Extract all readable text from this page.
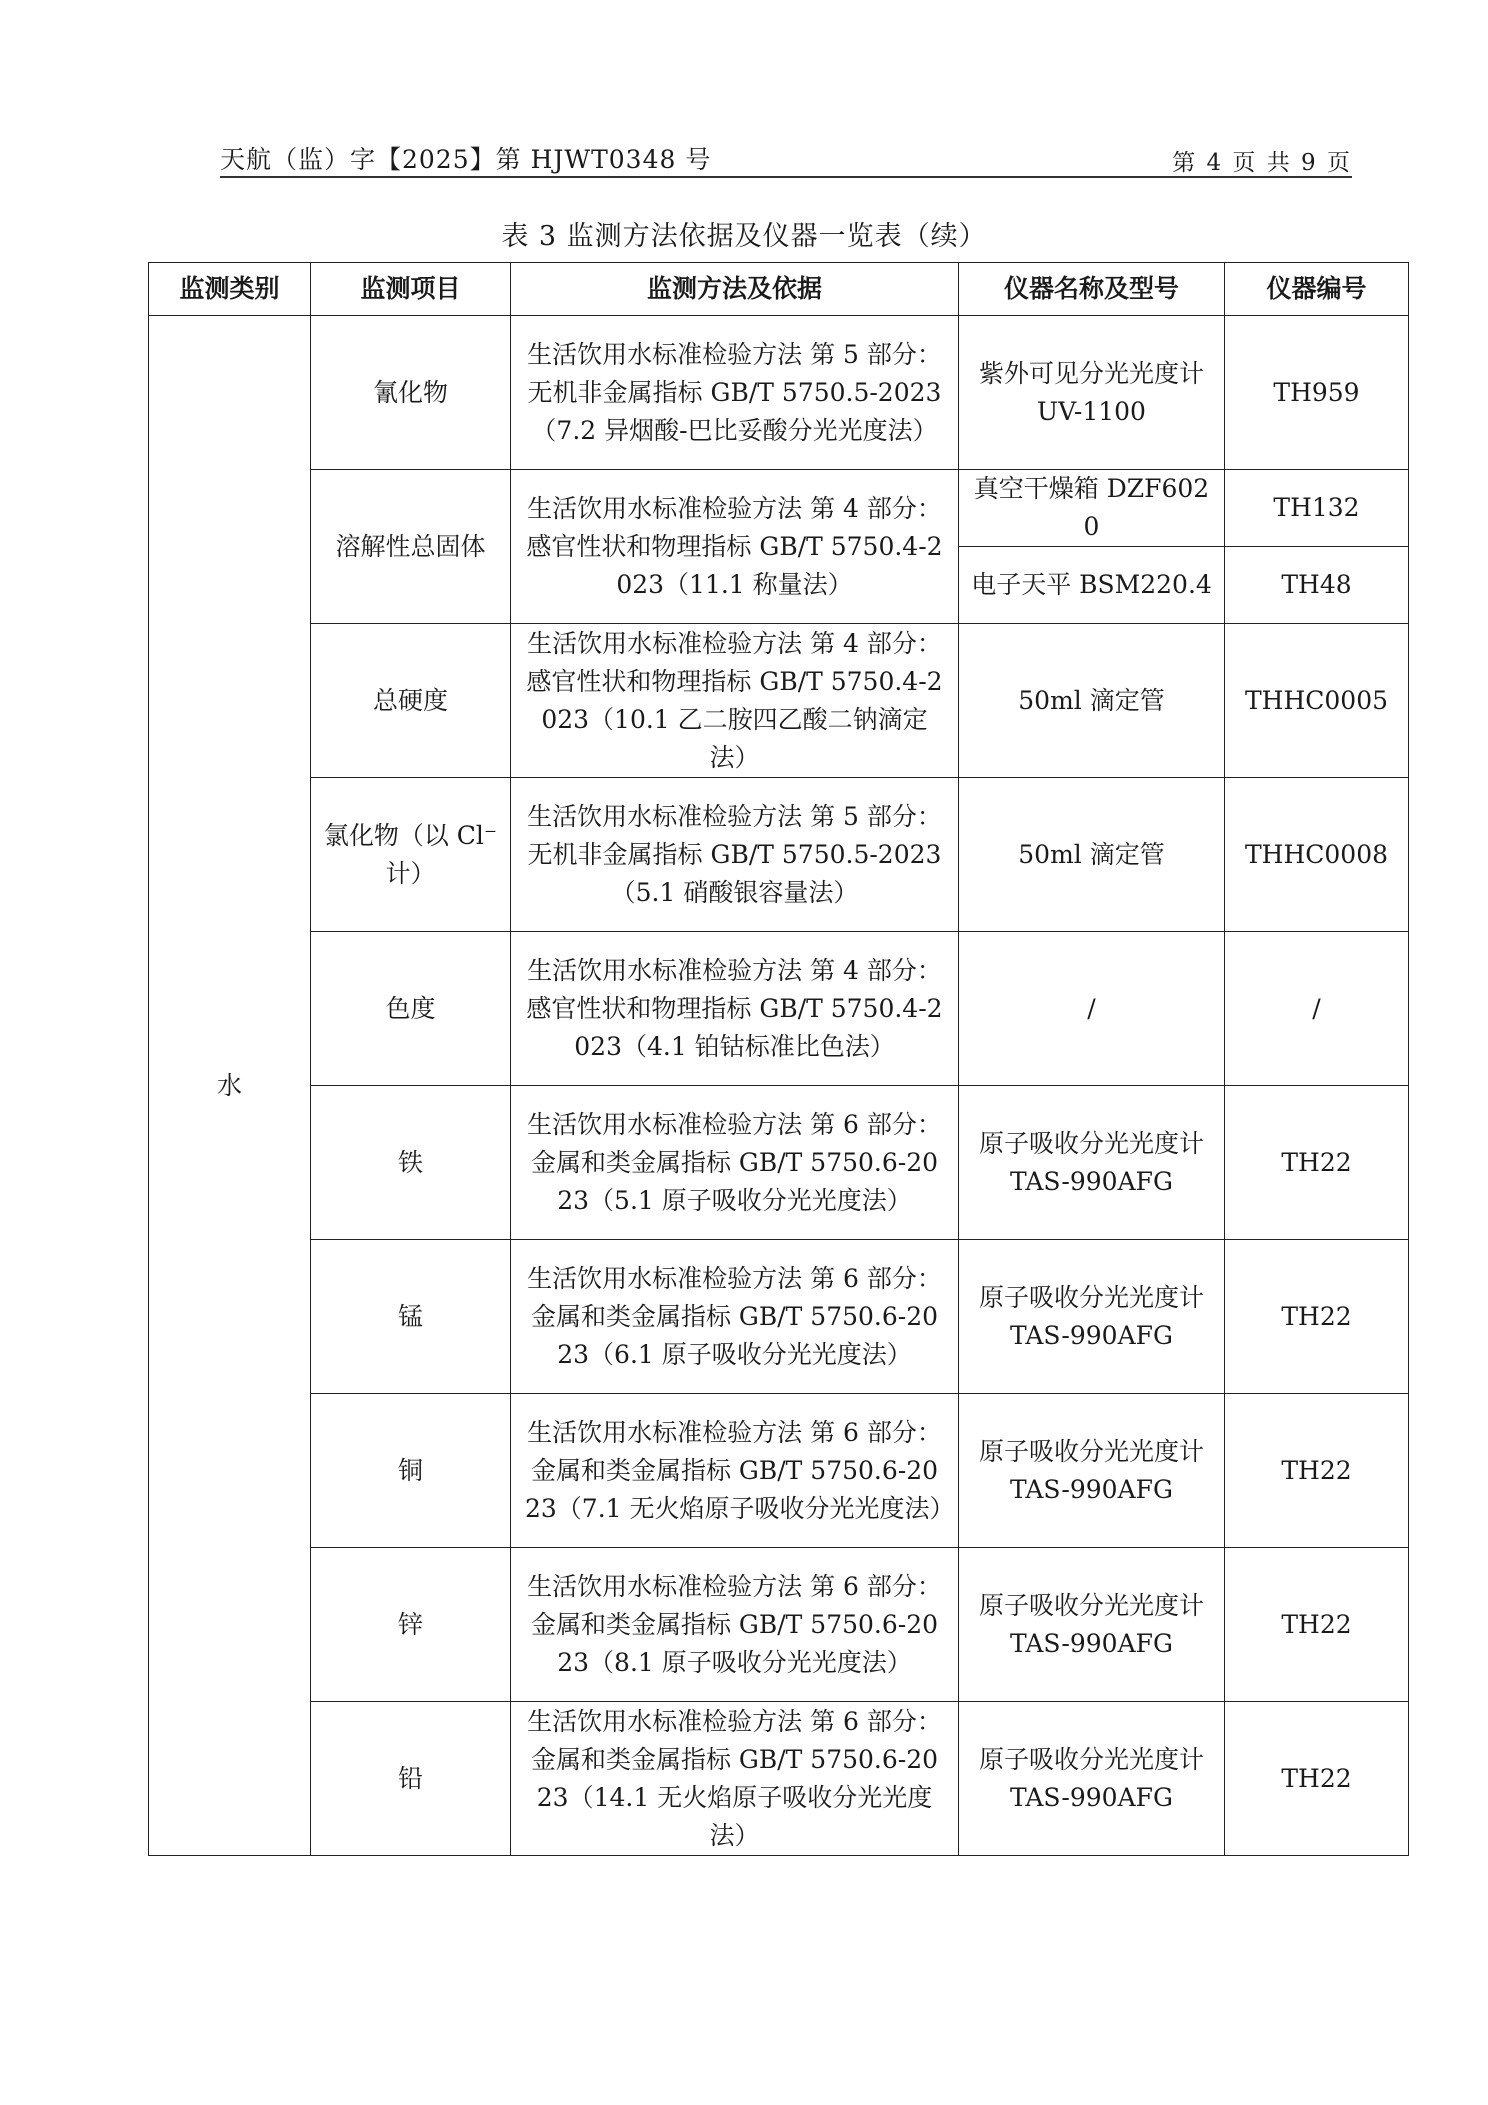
天航（监）字【2025】第 HJWT0348 号	第 4 页 共 9 页
表 3 监测方法依据及仪器一览表（续）
监测类别	监测项目	监测方法及依据	仪器名称及型号	仪器编号
水	氰化物	生活饮用水标准检验方法 第 5 部分：无机非金属指标 GB/T 5750.5-2023（7.2 异烟酸-巴比妥酸分光光度法）	紫外可见分光光度计 UV-1100	TH959
	溶解性总固体	生活饮用水标准检验方法 第 4 部分：感官性状和物理指标 GB/T 5750.4-2023（11.1 称量法）	真空干燥箱 DZF6020	TH132
			电子天平 BSM220.4	TH48
	总硬度	生活饮用水标准检验方法 第 4 部分：感官性状和物理指标 GB/T 5750.4-2023（10.1 乙二胺四乙酸二钠滴定法）	50ml 滴定管	THHC0005
	氯化物（以 Cl⁻计）	生活饮用水标准检验方法 第 5 部分：无机非金属指标 GB/T 5750.5-2023（5.1 硝酸银容量法）	50ml 滴定管	THHC0008
	色度	生活饮用水标准检验方法 第 4 部分：感官性状和物理指标 GB/T 5750.4-2023（4.1 铂钴标准比色法）	/	/
	铁	生活饮用水标准检验方法 第 6 部分：金属和类金属指标 GB/T 5750.6-2023（5.1 原子吸收分光光度法）	原子吸收分光光度计 TAS-990AFG	TH22
	锰	生活饮用水标准检验方法 第 6 部分：金属和类金属指标 GB/T 5750.6-2023（6.1 原子吸收分光光度法）	原子吸收分光光度计 TAS-990AFG	TH22
	铜	生活饮用水标准检验方法 第 6 部分：金属和类金属指标 GB/T 5750.6-2023（7.1 无火焰原子吸收分光光度法）	原子吸收分光光度计 TAS-990AFG	TH22
	锌	生活饮用水标准检验方法 第 6 部分：金属和类金属指标 GB/T 5750.6-2023（8.1 原子吸收分光光度法）	原子吸收分光光度计 TAS-990AFG	TH22
	铅	生活饮用水标准检验方法 第 6 部分：金属和类金属指标 GB/T 5750.6-2023（14.1 无火焰原子吸收分光光度法）	原子吸收分光光度计 TAS-990AFG	TH22
